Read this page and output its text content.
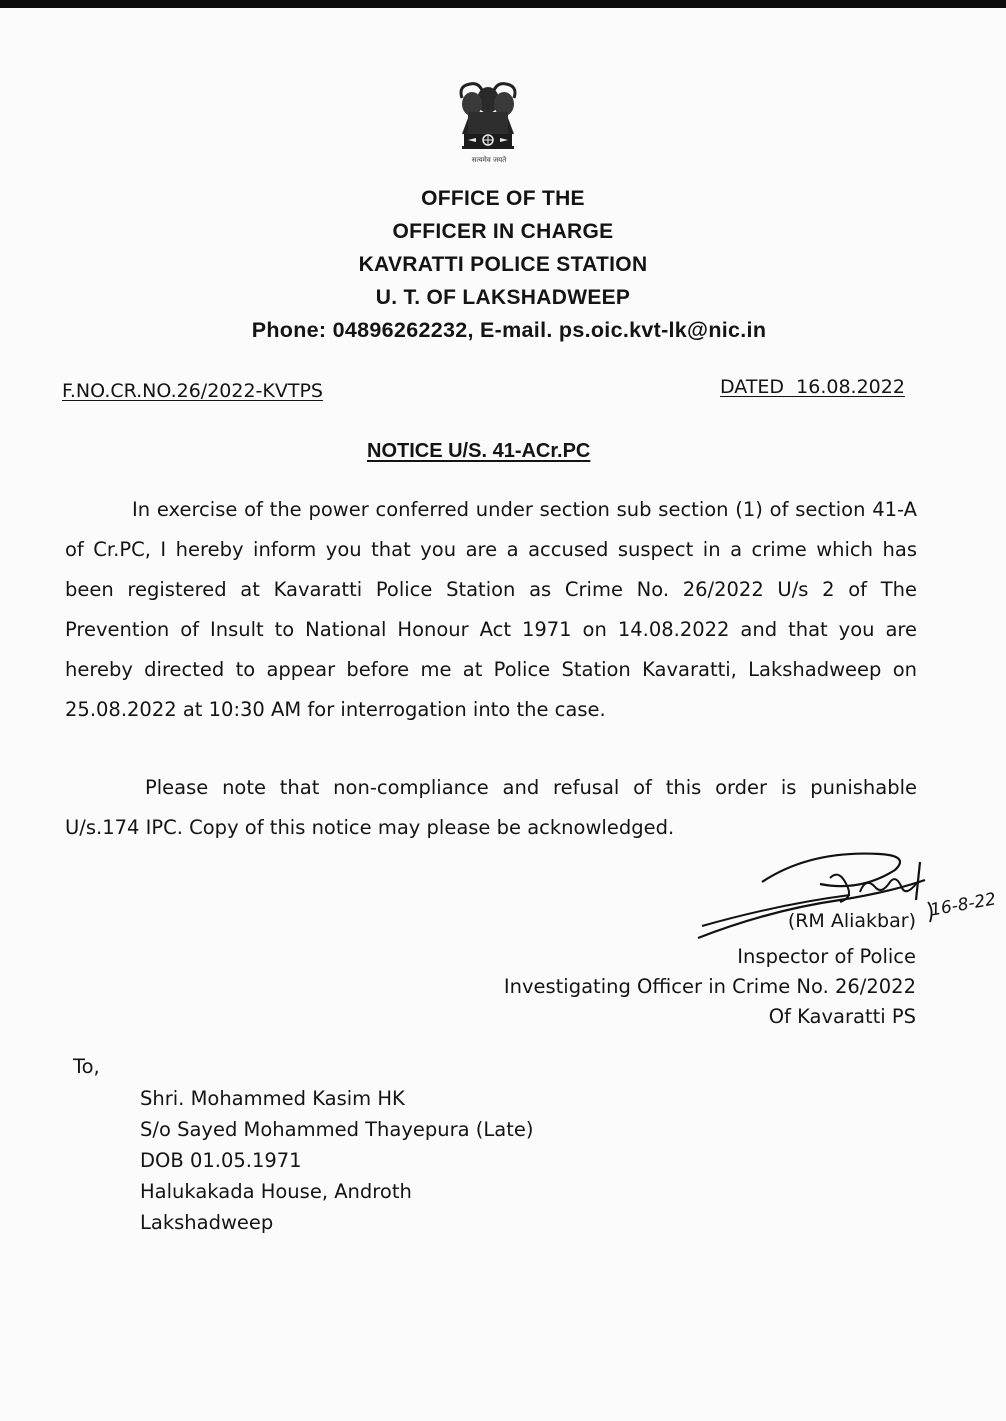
सत्यमेव जयते
OFFICE OF THE
OFFICER IN CHARGE
KAVRATTI POLICE STATION
U. T. OF LAKSHADWEEP
Phone: 04896262232, E-mail. ps.oic.kvt-lk@nic.in
F.NO.CR.NO.26/2022-KVTPS	DATED  16.08.2022
NOTICE U/S. 41-ACr.PC

In exercise of the power conferred under section sub section (1) of section 41-A of Cr.PC, I hereby inform you that you are a accused suspect in a crime which has been registered at Kavaratti Police Station as Crime No. 26/2022 U/s 2 of The Prevention of Insult to National Honour Act 1971 on 14.08.2022 and that you are hereby directed to appear before me at Police Station Kavaratti, Lakshadweep on 25.08.2022 at 10:30 AM for interrogation into the case.

Please note that non-compliance and refusal of this order is punishable U/s.174 IPC. Copy of this notice may please be acknowledged.

16-8-22
(RM Aliakbar)
Inspector of Police
Investigating Officer in Crime No. 26/2022
Of Kavaratti PS
To,
Shri. Mohammed Kasim HK
S/o Sayed Mohammed Thayepura (Late)
DOB 01.05.1971
Halukakada House, Androth
Lakshadweep
